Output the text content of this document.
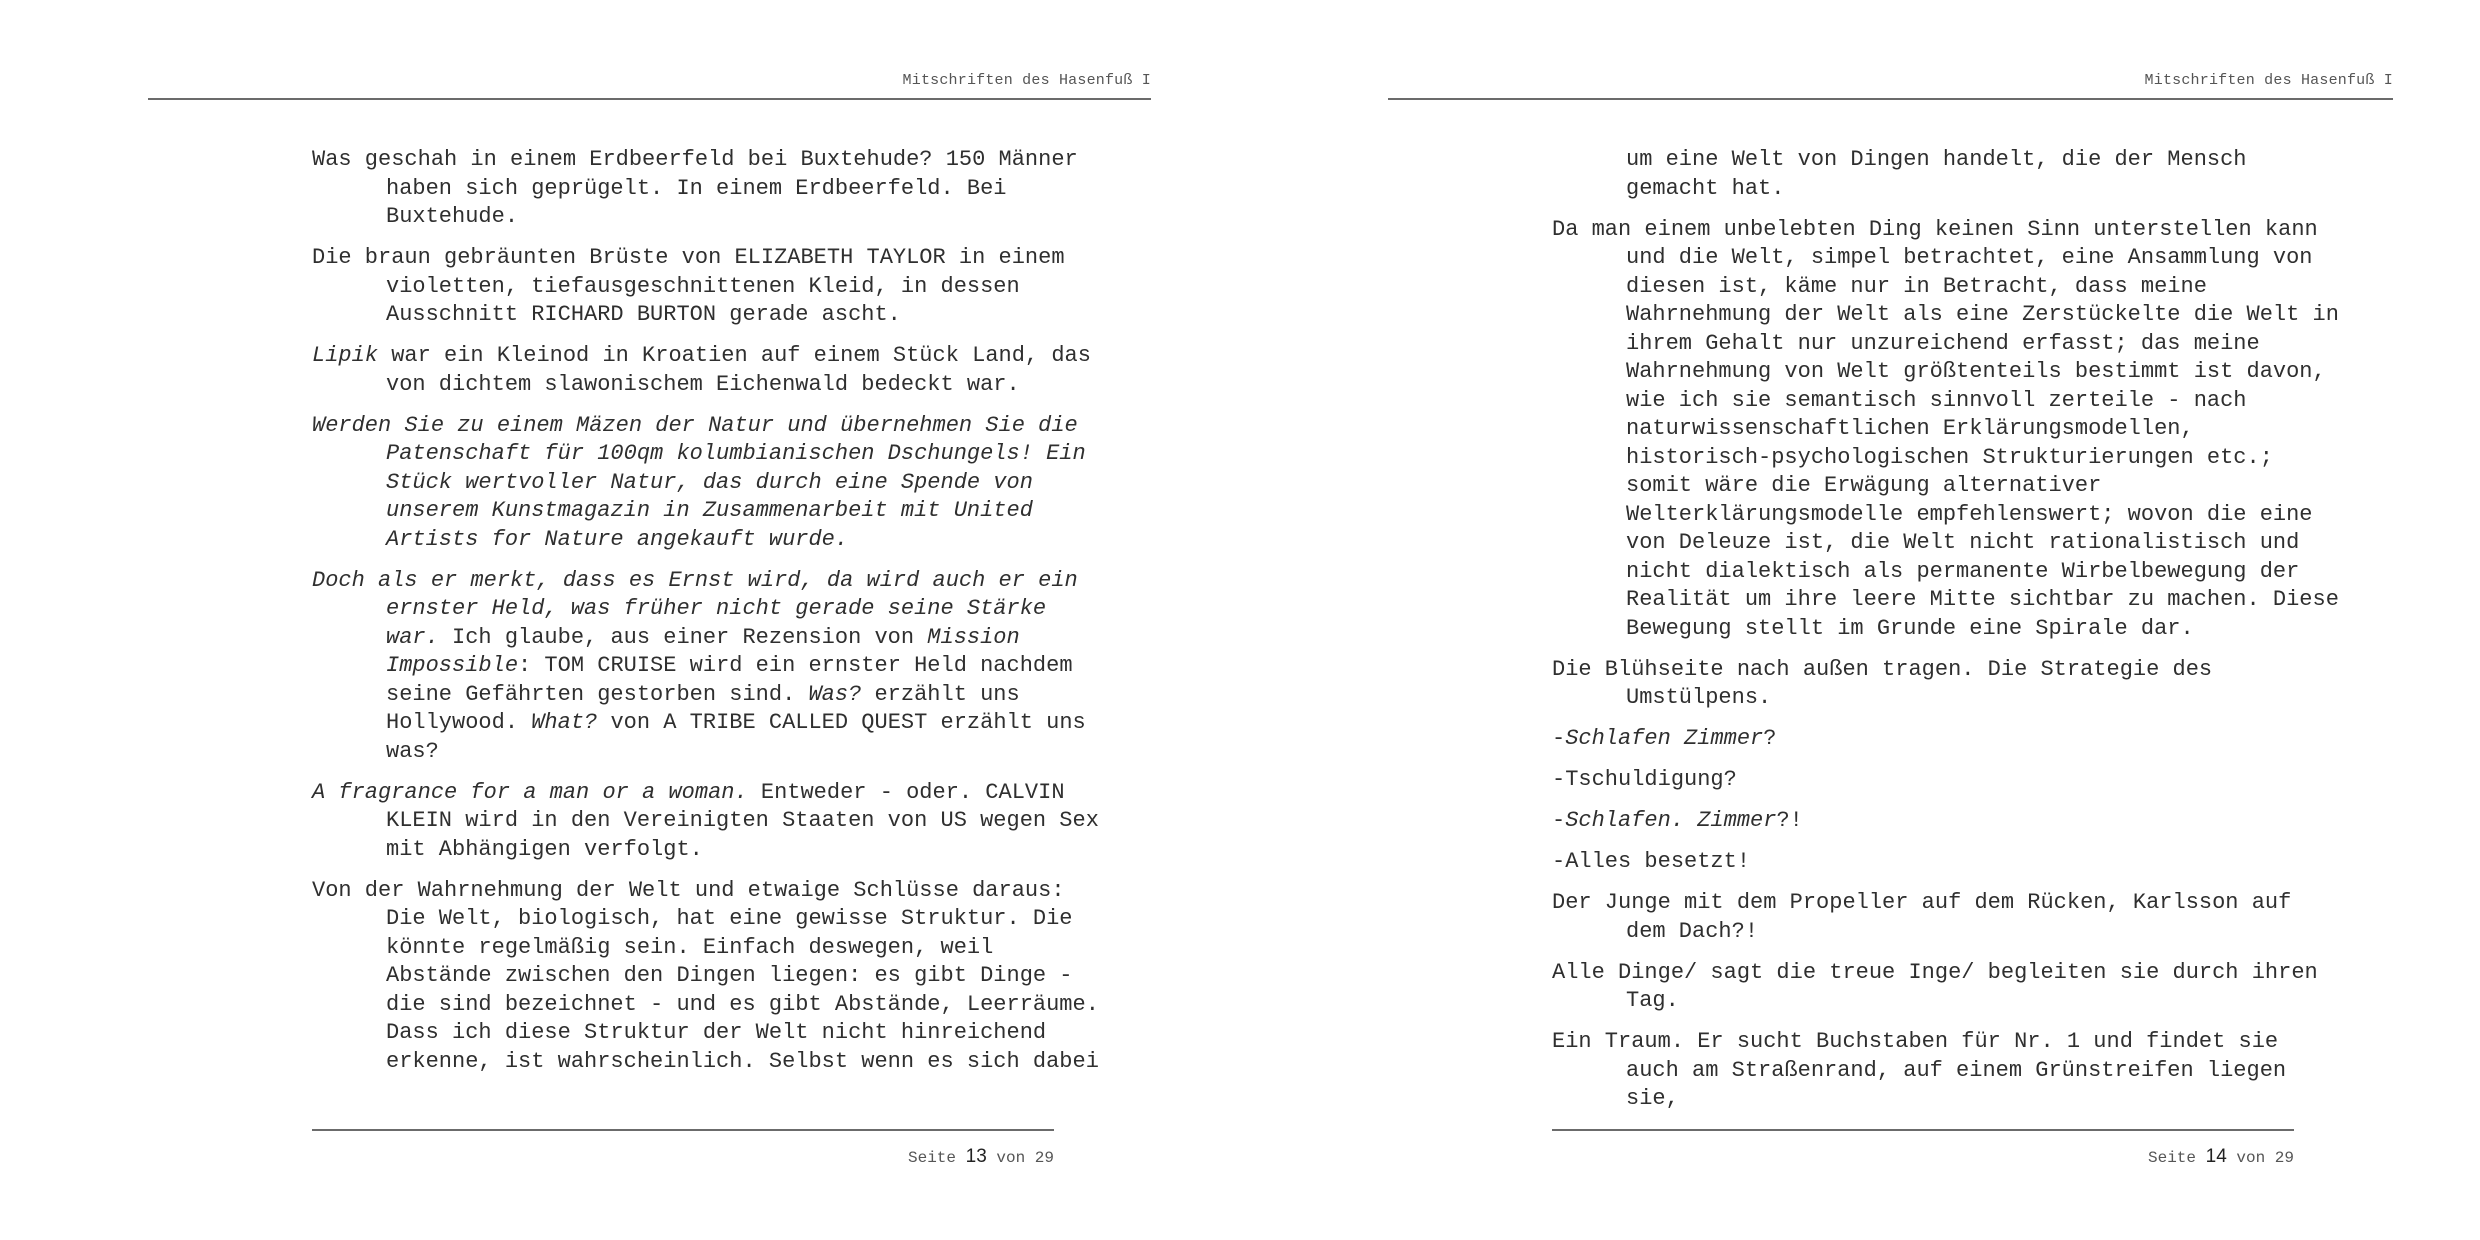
Mitschriften des Hasenfuß I

Was geschah in einem Erdbeerfeld bei Buxtehude? 150 Männer haben sich geprügelt. In einem Erdbeerfeld. Bei Buxtehude.

Die braun gebräunten Brüste von ELIZABETH TAYLOR in einem violetten, tiefausgeschnittenen Kleid, in dessen Ausschnitt RICHARD BURTON gerade ascht.

Lipik war ein Kleinod in Kroatien auf einem Stück Land, das von dichtem slawonischem Eichenwald bedeckt war.

Werden Sie zu einem Mäzen der Natur und übernehmen Sie die Patenschaft für 100qm kolumbianischen Dschungels! Ein Stück wertvoller Natur, das durch eine Spende von unserem Kunstmagazin in Zusammenarbeit mit United Artists for Nature angekauft wurde.

Doch als er merkt, dass es Ernst wird, da wird auch er ein ernster Held, was früher nicht gerade seine Stärke war. Ich glaube, aus einer Rezension von Mission Impossible: TOM CRUISE wird ein ernster Held nachdem seine Gefährten gestorben sind. Was? erzählt uns Hollywood. What? von A TRIBE CALLED QUEST erzählt uns was?

A fragrance for a man or a woman. Entweder - oder. CALVIN KLEIN wird in den Vereinigten Staaten von US wegen Sex mit Abhängigen verfolgt.

Von der Wahrnehmung der Welt und etwaige Schlüsse daraus: Die Welt, biologisch, hat eine gewisse Struktur. Die könnte regelmäßig sein. Einfach deswegen, weil Abstände zwischen den Dingen liegen: es gibt Dinge - die sind bezeichnet - und es gibt Abstände, Leerräume. Dass ich diese Struktur der Welt nicht hinreichend erkenne, ist wahrscheinlich. Selbst wenn es sich dabei

Seite 13 von 29
Mitschriften des Hasenfuß I

um eine Welt von Dingen handelt, die der Mensch gemacht hat.

Da man einem unbelebten Ding keinen Sinn unterstellen kann und die Welt, simpel betrachtet, eine Ansammlung von diesen ist, käme nur in Betracht, dass meine Wahrnehmung der Welt als eine Zerstückelte die Welt in ihrem Gehalt nur unzureichend erfasst; das meine Wahrnehmung von Welt größtenteils bestimmt ist davon, wie ich sie semantisch sinnvoll zerteile - nach naturwissenschaftlichen Erklärungsmodellen, historisch-psychologischen Strukturierungen etc.; somit wäre die Erwägung alternativer Welterklärungsmodelle empfehlenswert; wovon die eine von Deleuze ist, die Welt nicht rationalistisch und nicht dialektisch als permanente Wirbelbewegung der Realität um ihre leere Mitte sichtbar zu machen. Diese Bewegung stellt im Grunde eine Spirale dar.

Die Blühseite nach außen tragen. Die Strategie des Umstülpens.

-Schlafen Zimmer?

-Tschuldigung?

-Schlafen. Zimmer?!

-Alles besetzt!

Der Junge mit dem Propeller auf dem Rücken, Karlsson auf dem Dach?!

Alle Dinge/ sagt die treue Inge/ begleiten sie durch ihren Tag.

Ein Traum. Er sucht Buchstaben für Nr. 1 und findet sie auch am Straßenrand, auf einem Grünstreifen liegen sie,

Seite 14 von 29
